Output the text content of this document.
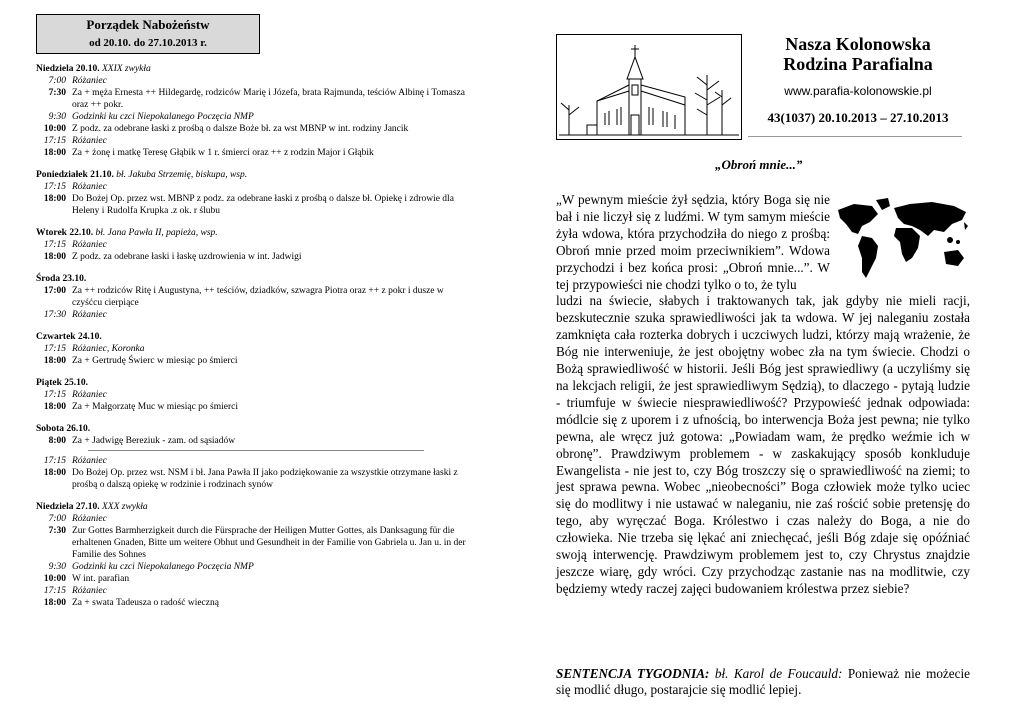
Porządek Nabożeństw
od 20.10. do 27.10.2013 r.
Niedziela 20.10. XXIX zwykła
7:00 Różaniec
7:30 Za + męża Ernesta ++ Hildegardę, rodziców Marię i Józefa, brata Rajmunda, teściów Albinę i Tomasza oraz ++ pokr.
9:30 Godzinki ku czci Niepokalanego Poczęcia NMP
10:00 Z podz. za odebrane łaski z prośbą o dalsze Boże bł. za wst MBNP w int. rodziny Jancik
17:15 Różaniec
18:00 Za + żonę i matkę Teresę Głąbik w 1 r. śmierci oraz ++ z rodzin Major i Głąbik
Poniedziałek 21.10. bł. Jakuba Strzemię, biskupa, wsp.
17:15 Różaniec
18:00 Do Bożej Op. przez wst. MBNP z podz. za odebrane łaski z prośbą o dalsze bł. Opiekę i zdrowie dla Heleny i Rudolfa Krupka .z ok. r ślubu
Wtorek 22.10. bł. Jana Pawła II, papieża, wsp.
17:15 Różaniec
18:00 Z podz. za odebrane łaski i łaskę uzdrowienia w int. Jadwigi
Środa 23.10.
17:00 Za ++ rodziców Ritę i Augustyna, ++ teściów, dziadków, szwagra Piotra oraz ++ z pokr i dusze w czyśćcu cierpiące
17:30 Różaniec
Czwartek 24.10.
17:15 Różaniec, Koronka
18:00 Za + Gertrudę Świerc w miesiąc po śmierci
Piątek 25.10.
17:15 Różaniec
18:00 Za + Małgorzatę Muc w miesiąc po śmierci
Sobota 26.10.
8:00 Za + Jadwigę Bereziuk - zam. od sąsiadów
17:15 Różaniec
18:00 Do Bożej Op. przez wst. NSM i bł. Jana Pawła II jako podziękowanie za wszystkie otrzymane łaski z prośbą o dalszą opiekę w rodzinie i rodzinach synów
Niedziela 27.10. XXX zwykła
7:00 Różaniec
7:30 Zur Gottes Barmherzigkeit durch die Fürsprache der Heiligen Mutter Gottes, als Danksagung für die erhaltenen Gnaden, Bitte um weitere Obhut und Gesundheit in der Familie von Gabriela u. Jan u. in der Familie des Sohnes
9:30 Godzinki ku czci Niepokalanego Poczęcia NMP
10:00 W int. parafian
17:15 Różaniec
18:00 Za + swata Tadeusza o radość wieczną
Nasza Kolonowska
Rodzina Parafialna
www.parafia-kolonowskie.pl
43(1037) 20.10.2013 – 27.10.2013
„Obroń mnie...”
„W pewnym mieście żył sędzia, który Boga się nie bał i nie liczył się z ludźmi. W tym samym mieście żyła wdowa, która przychodziła do niego z prośbą: Obroń mnie przed moim przeciwnikiem”. Wdowa przychodzi i bez końca prosi: „Obroń mnie...”. W tej przypowieści nie chodzi tylko o to, że tylu
ludzi na świecie, słabych i traktowanych tak, jak gdyby nie mieli racji, bezskutecznie szuka sprawiedliwości jak ta wdowa. W jej naleganiu została zamknięta cała rozterka dobrych i uczciwych ludzi, którzy mają wrażenie, że Bóg nie interweniuje, że jest obojętny wobec zła na tym świecie. Chodzi o Bożą sprawiedliwość w historii. Jeśli Bóg jest sprawiedliwy (a uczyliśmy się na lekcjach religii, że jest sprawiedliwym Sędzią), to dlaczego - pytają ludzie - triumfuje w świecie niesprawiedliwość? Przypowieść jednak odpowiada: módlcie się z uporem i z ufnością, bo interwencja Boża jest pewna; nie tylko pewna, ale wręcz już gotowa: „Powiadam wam, że prędko weźmie ich w obronę”. Prawdziwym problemem - w zaskakujący sposób konkluduje Ewangelista - nie jest to, czy Bóg troszczy się o sprawiedliwość na ziemi; to jest sprawa pewna. Wobec „nieobecności” Boga człowiek może tylko uciec się do modlitwy i nie ustawać w naleganiu, nie zaś rościć sobie pretensję do tego, aby wyręczać Boga. Królestwo i czas należy do Boga, a nie do człowieka. Nie trzeba się lękać ani zniechęcać, jeśli Bóg zdaje się opóźniać swoją interwencję. Prawdziwym problemem jest to, czy Chrystus znajdzie jeszcze wiarę, gdy wróci. Czy przychodząc zastanie nas na modlitwie, czy będziemy wtedy raczej zajęci budowaniem królestwa przez siebie?
SENTENCJA TYGODNIA: bł. Karol de Foucauld: Ponieważ nie możecie się modlić długo, postarajcie się modlić lepiej.
